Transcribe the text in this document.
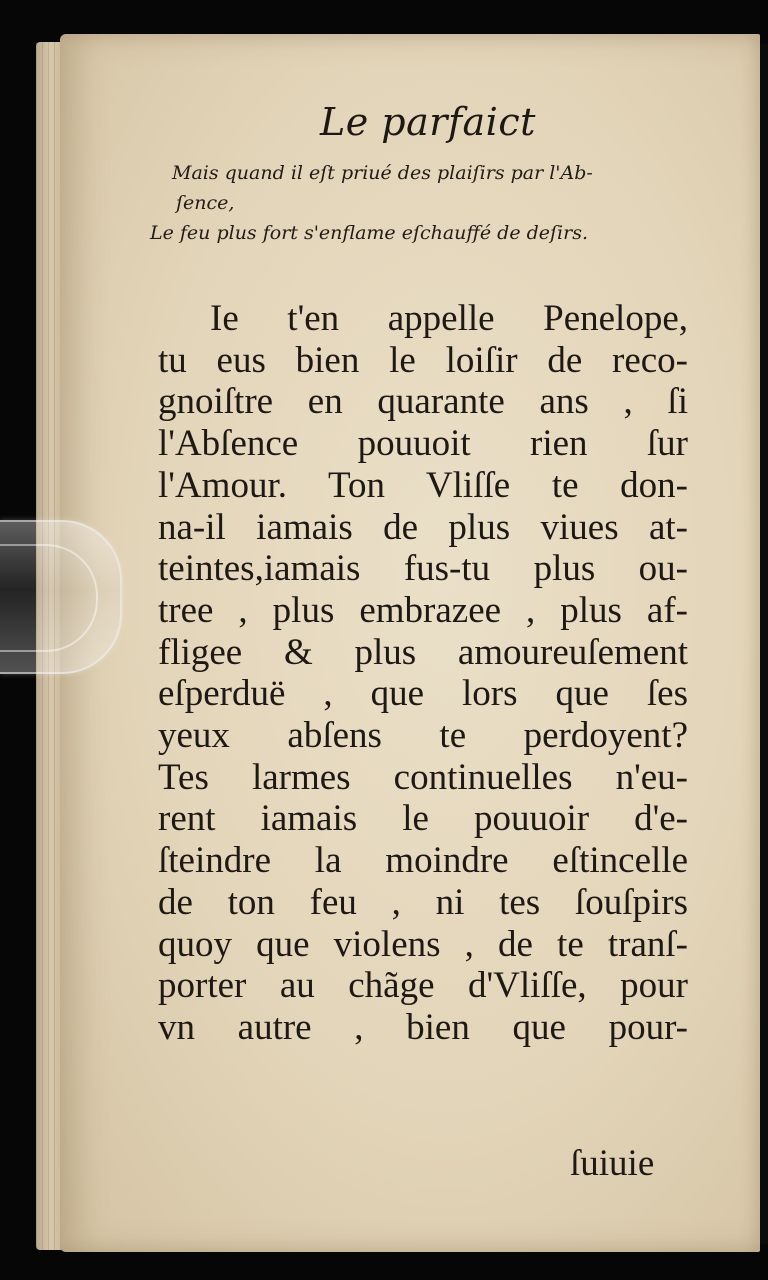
Le parfaict
Mais quand il eſt priué des plaiſirs par l'Ab-
ſence,
Le feu plus fort s'enflame eſchauffé de deſirs.
Ie t'en appelle Penelope,
tu eus bien le loiſir de reco-
gnoiſtre en quarante ans , ſi
l'Abſence pouuoit rien ſur
l'Amour. Ton Vliſſe te don-
na-il iamais de plus viues at-
teintes,iamais fus-tu plus ou-
tree , plus embrazee , plus af-
fligee & plus amoureuſement
eſperduë , que lors que ſes
yeux abſens te perdoyent?
Tes larmes continuelles n'eu-
rent iamais le pouuoir d'e-
ſteindre la moindre eſtincelle
de ton feu , ni tes ſouſpirs
quoy que violens , de te tranſ-
porter au chãge d'Vliſſe, pour
vn autre , bien que pour-
ſuiuie
